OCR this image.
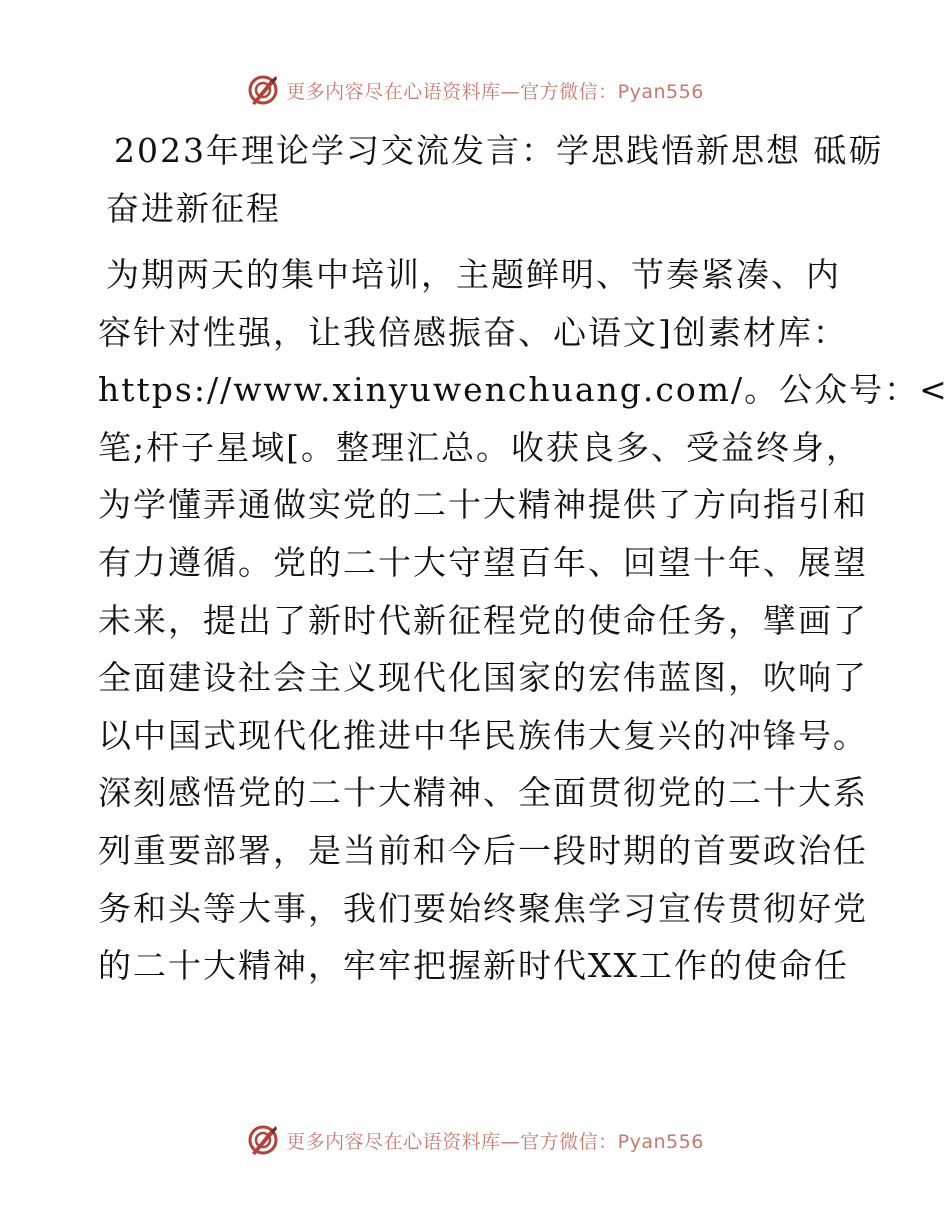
更多内容尽在心语资料库—官方微信：Pyan556
2023年理论学习交流发言：学思践悟新思想 砥砺
奋进新征程
为期两天的集中培训，主题鲜明、节奏紧凑、内
容针对性强，让我倍感振奋、心语文]创素材库：
https://www.xinyuwenchuang.com/。公众号：<
笔;杆子星域[。整理汇总。收获良多、受益终身，
为学懂弄通做实党的二十大精神提供了方向指引和
有力遵循。党的二十大守望百年、回望十年、展望
未来，提出了新时代新征程党的使命任务，擘画了
全面建设社会主义现代化国家的宏伟蓝图，吹响了
以中国式现代化推进中华民族伟大复兴的冲锋号。
深刻感悟党的二十大精神、全面贯彻党的二十大系
列重要部署，是当前和今后一段时期的首要政治任
务和头等大事，我们要始终聚焦学习宣传贯彻好党
的二十大精神，牢牢把握新时代XX工作的使命任
更多内容尽在心语资料库—官方微信：Pyan556
